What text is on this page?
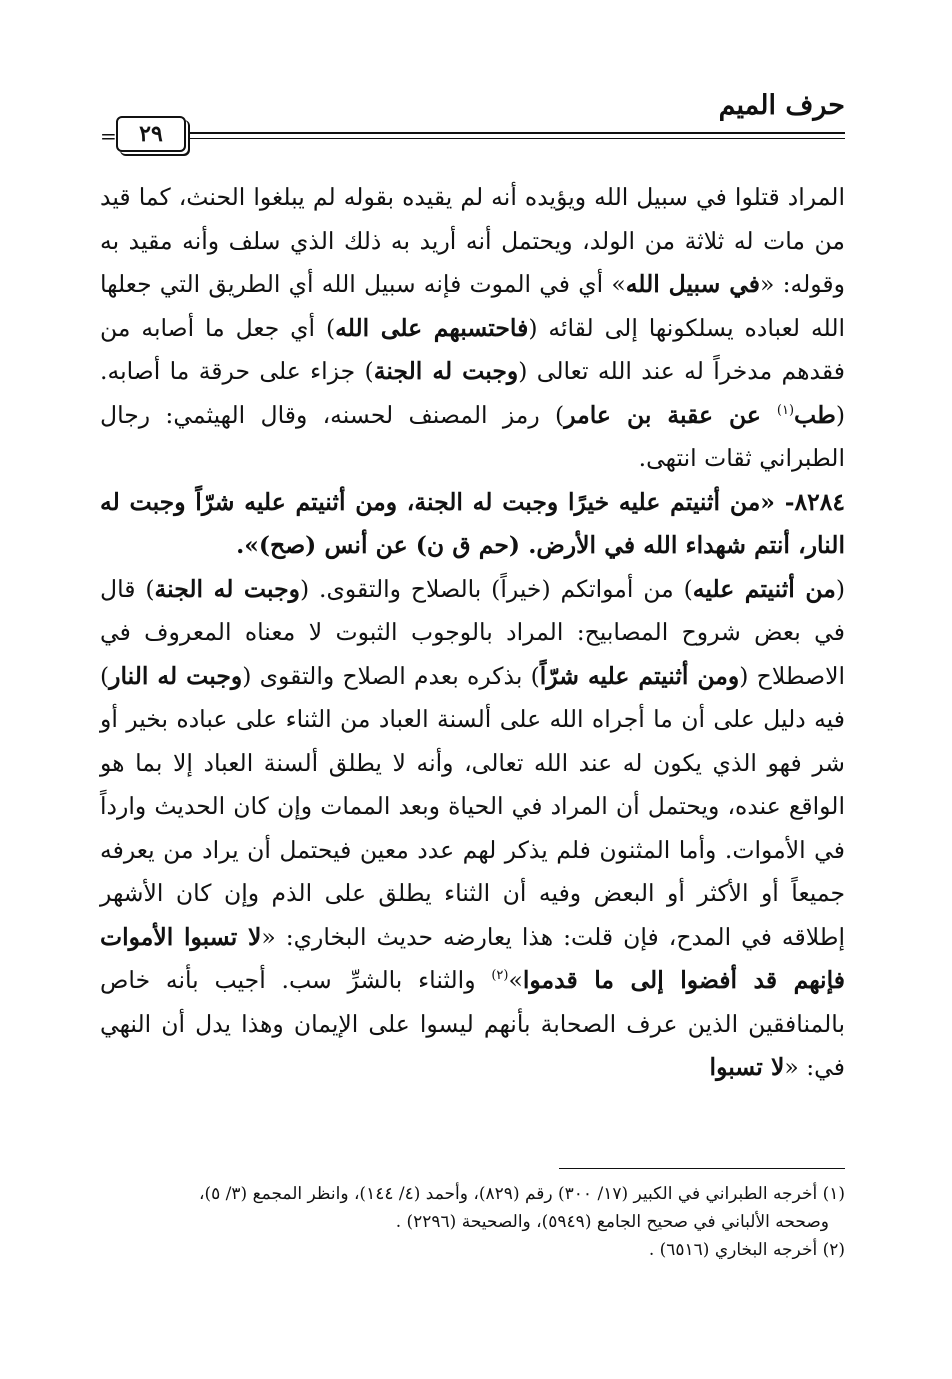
حرف الميم
=	٢٩

المراد قتلوا في سبيل الله ويؤيده أنه لم يقيده بقوله لم يبلغوا الحنث، كما قيد من مات له ثلاثة من الولد، ويحتمل أنه أريد به ذلك الذي سلف وأنه مقيد به وقوله: «في سبيل الله» أي في الموت فإنه سبيل الله أي الطريق التي جعلها الله لعباده يسلكونها إلى لقائه (فاحتسبهم على الله) أي جعل ما أصابه من فقدهم مدخراً له عند الله تعالى (وجبت له الجنة) جزاء على حرقة ما أصابه. (طب$^{(١)}$ عن عقبة بن عامر) رمز المصنف لحسنه، وقال الهيثمي: رجال الطبراني ثقات انتهى.

٨٢٨٤- «من أثنيتم عليه خيرًا وجبت له الجنة، ومن أثنيتم عليه شرّاً وجبت له النار، أنتم شهداء الله في الأرض. (حم ق ن) عن أنس (صح)».

(من أثنيتم عليه) من أمواتكم (خيراً) بالصلاح والتقوى. (وجبت له الجنة) قال في بعض شروح المصابيح: المراد بالوجوب الثبوت لا معناه المعروف في الاصطلاح (ومن أثنيتم عليه شرّاً) بذكره بعدم الصلاح والتقوى (وجبت له النار) فيه دليل على أن ما أجراه الله على ألسنة العباد من الثناء على عباده بخير أو شر فهو الذي يكون له عند الله تعالى، وأنه لا يطلق ألسنة العباد إلا بما هو الواقع عنده، ويحتمل أن المراد في الحياة وبعد الممات وإن كان الحديث وارداً في الأموات. وأما المثنون فلم يذكر لهم عدد معين فيحتمل أن يراد من يعرفه جميعاً أو الأكثر أو البعض وفيه أن الثناء يطلق على الذم وإن كان الأشهر إطلاقه في المدح، فإن قلت: هذا يعارضه حديث البخاري: «لا تسبوا الأموات فإنهم قد أفضوا إلى ما قدموا»$^{(٢)}$ والثناء بالشرِّ سب. أجيب بأنه خاص بالمنافقين الذين عرف الصحابة بأنهم ليسوا على الإيمان وهذا يدل أن النهي في: «لا تسبوا

(١) أخرجه الطبراني في الكبير (١٧/ ٣٠٠) رقم (٨٢٩)، وأحمد (٤/ ١٤٤)، وانظر المجمع (٣/ ٥)،

وصححه الألباني في صحيح الجامع (٥٩٤٩)، والصحيحة (٢٢٩٦) .

(٢) أخرجه البخاري (٦٥١٦) .
